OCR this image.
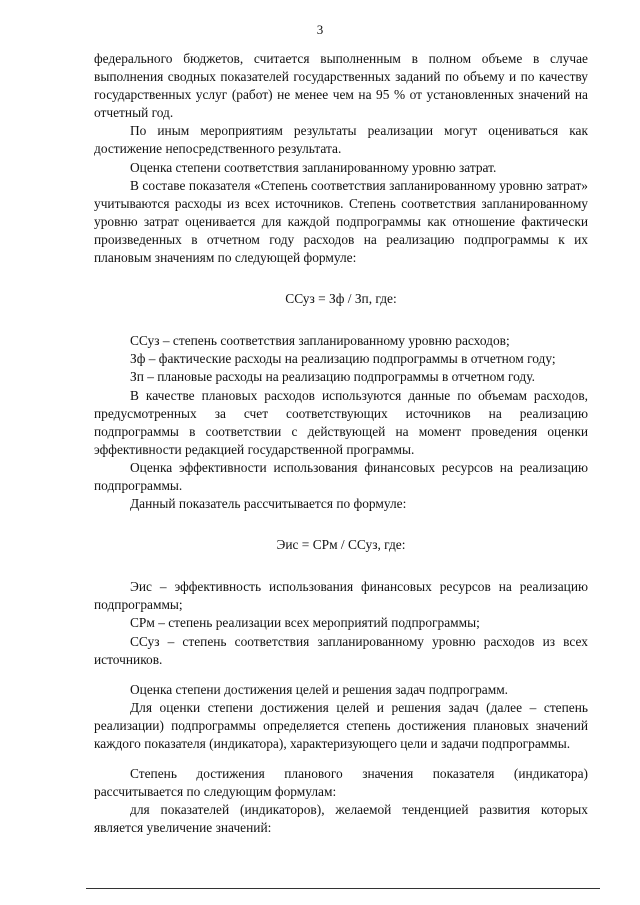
3

федерального бюджетов, считается выполненным в полном объеме в случае выполнения сводных показателей государственных заданий по объему и по качеству государственных услуг (работ) не менее чем на 95 % от установленных значений на отчетный год.

По иным мероприятиям результаты реализации могут оцениваться как достижение непосредственного результата.

Оценка степени соответствия запланированному уровню затрат.

В составе показателя «Степень соответствия запланированному уровню затрат» учитываются расходы из всех источников. Степень соответствия запланированному уровню затрат оценивается для каждой подпрограммы как отношение фактически произведенных в отчетном году расходов на реализацию подпрограммы к их плановым значениям по следующей формуле:

ССуз = Зф / Зп, где:

ССуз – степень соответствия запланированному уровню расходов;

Зф – фактические расходы на реализацию подпрограммы в отчетном году;

Зп – плановые расходы на реализацию подпрограммы в отчетном году.

В качестве плановых расходов используются данные по объемам расходов, предусмотренных за счет соответствующих источников на реализацию подпрограммы в соответствии с действующей на момент проведения оценки эффективности редакцией государственной программы.

Оценка эффективности использования финансовых ресурсов на реализацию подпрограммы.

Данный показатель рассчитывается по формуле:

Эис = СРм / ССуз, где:

Эис – эффективность использования финансовых ресурсов на реализацию подпрограммы;

СРм – степень реализации всех мероприятий подпрограммы;

ССуз – степень соответствия запланированному уровню расходов из всех источников.

Оценка степени достижения целей и решения задач подпрограмм.

Для оценки степени достижения целей и решения задач (далее – степень реализации) подпрограммы определяется степень достижения плановых значений каждого показателя (индикатора), характеризующего цели и задачи подпрограммы.

Степень достижения планового значения показателя (индикатора) рассчитывается по следующим формулам:

для показателей (индикаторов), желаемой тенденцией развития которых является увеличение значений:
